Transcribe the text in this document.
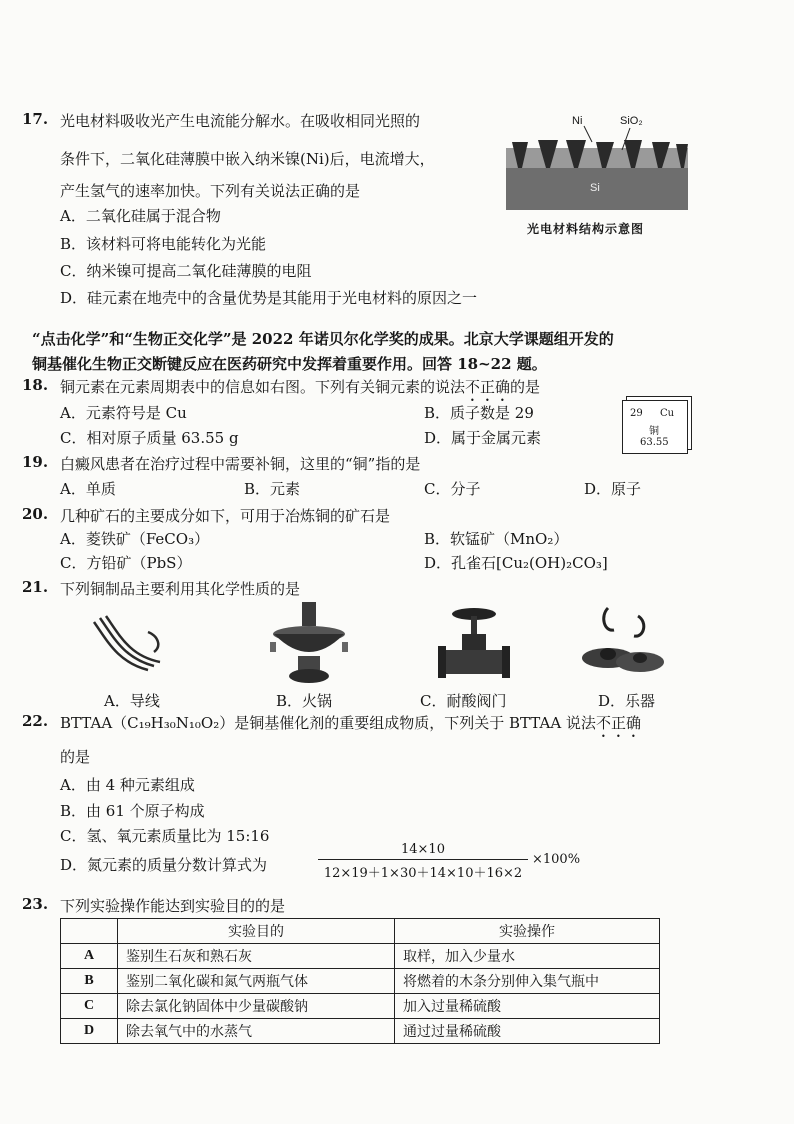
17. 光电材料吸收光产生电流能分解水。在吸收相同光照的
条件下，二氧化硅薄膜中嵌入纳米镍(Ni)后，电流增大，
产生氢气的速率加快。下列有关说法正确的是
A．二氧化硅属于混合物
B．该材料可将电能转化为光能
C．纳米镍可提高二氧化硅薄膜的电阻
D．硅元素在地壳中的含量优势是其能用于光电材料的原因之一
Ni	SiO₂
Si
光电材料结构示意图
“点击化学”和“生物正交化学”是 2022 年诺贝尔化学奖的成果。北京大学课题组开发的
铜基催化生物正交断键反应在医药研究中发挥着重要作用。回答 18~22 题。
18. 铜元素在元素周期表中的信息如右图。下列有关铜元素的说法不正确的是
A．元素符号是 Cu	B．质子数是 29
C．相对原子质量 63.55 g	D．属于金属元素
29 Cu
铜
63.55
19. 白癜风患者在治疗过程中需要补铜，这里的“铜”指的是
A．单质	B．元素	C．分子	D．原子
20. 几种矿石的主要成分如下，可用于冶炼铜的矿石是
A．菱铁矿（FeCO₃）	B．软锰矿（MnO₂）
C．方铅矿（PbS）	D．孔雀石[Cu₂(OH)₂CO₃]
21. 下列铜制品主要利用其化学性质的是
A．导线	B．火锅	C．耐酸阀门	D．乐器
22. BTTAA（C₁₉H₃₀N₁₀O₂）是铜基催化剂的重要组成物质，下列关于 BTTAA 说法不正确
的是
A．由 4 种元素组成
B．由 61 个原子构成
C．氢、氧元素质量比为 15:16
D．氮元素的质量分数计算式为
14×10
12×19＋1×30＋14×10＋16×2
×100%
23. 下列实验操作能达到实验目的的是
	实验目的	实验操作
A	鉴别生石灰和熟石灰	取样，加入少量水
B	鉴别二氧化碳和氮气两瓶气体	将燃着的木条分别伸入集气瓶中
C	除去氯化钠固体中少量碳酸钠	加入过量稀硫酸
D	除去氧气中的水蒸气	通过过量稀硫酸
